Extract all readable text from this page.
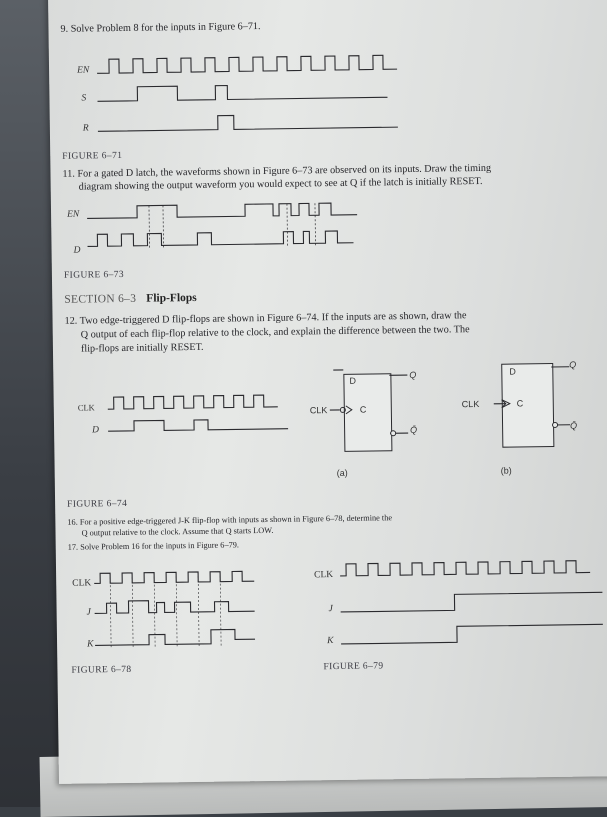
9. Solve Problem 8 for the inputs in Figure 6–71.
EN
S
R
FIGURE 6–71
11. For a gated D latch, the waveforms shown in Figure 6–73 are observed on its inputs. Draw the timing
diagram showing the output waveform you would expect to see at Q if the latch is initially RESET.
EN
D
FIGURE 6–73
SECTION 6–3 Flip-Flops
12. Two edge-triggered D flip-flops are shown in Figure 6–74. If the inputs are as shown, draw the
Q output of each flip-flop relative to the clock, and explain the difference between the two. The
flip-flops are initially RESET.
CLK
D
D
C
Q
Q̄
CLK
(a)
D
C
Q
Q̄
CLK
(b)
FIGURE 6–74
16. For a positive edge-triggered J-K flip-flop with inputs as shown in Figure 6–78, determine the
Q output relative to the clock. Assume that Q starts LOW.
17. Solve Problem 16 for the inputs in Figure 6–79.
CLK
J
K
FIGURE 6–78
CLK
J
K
FIGURE 6–79
